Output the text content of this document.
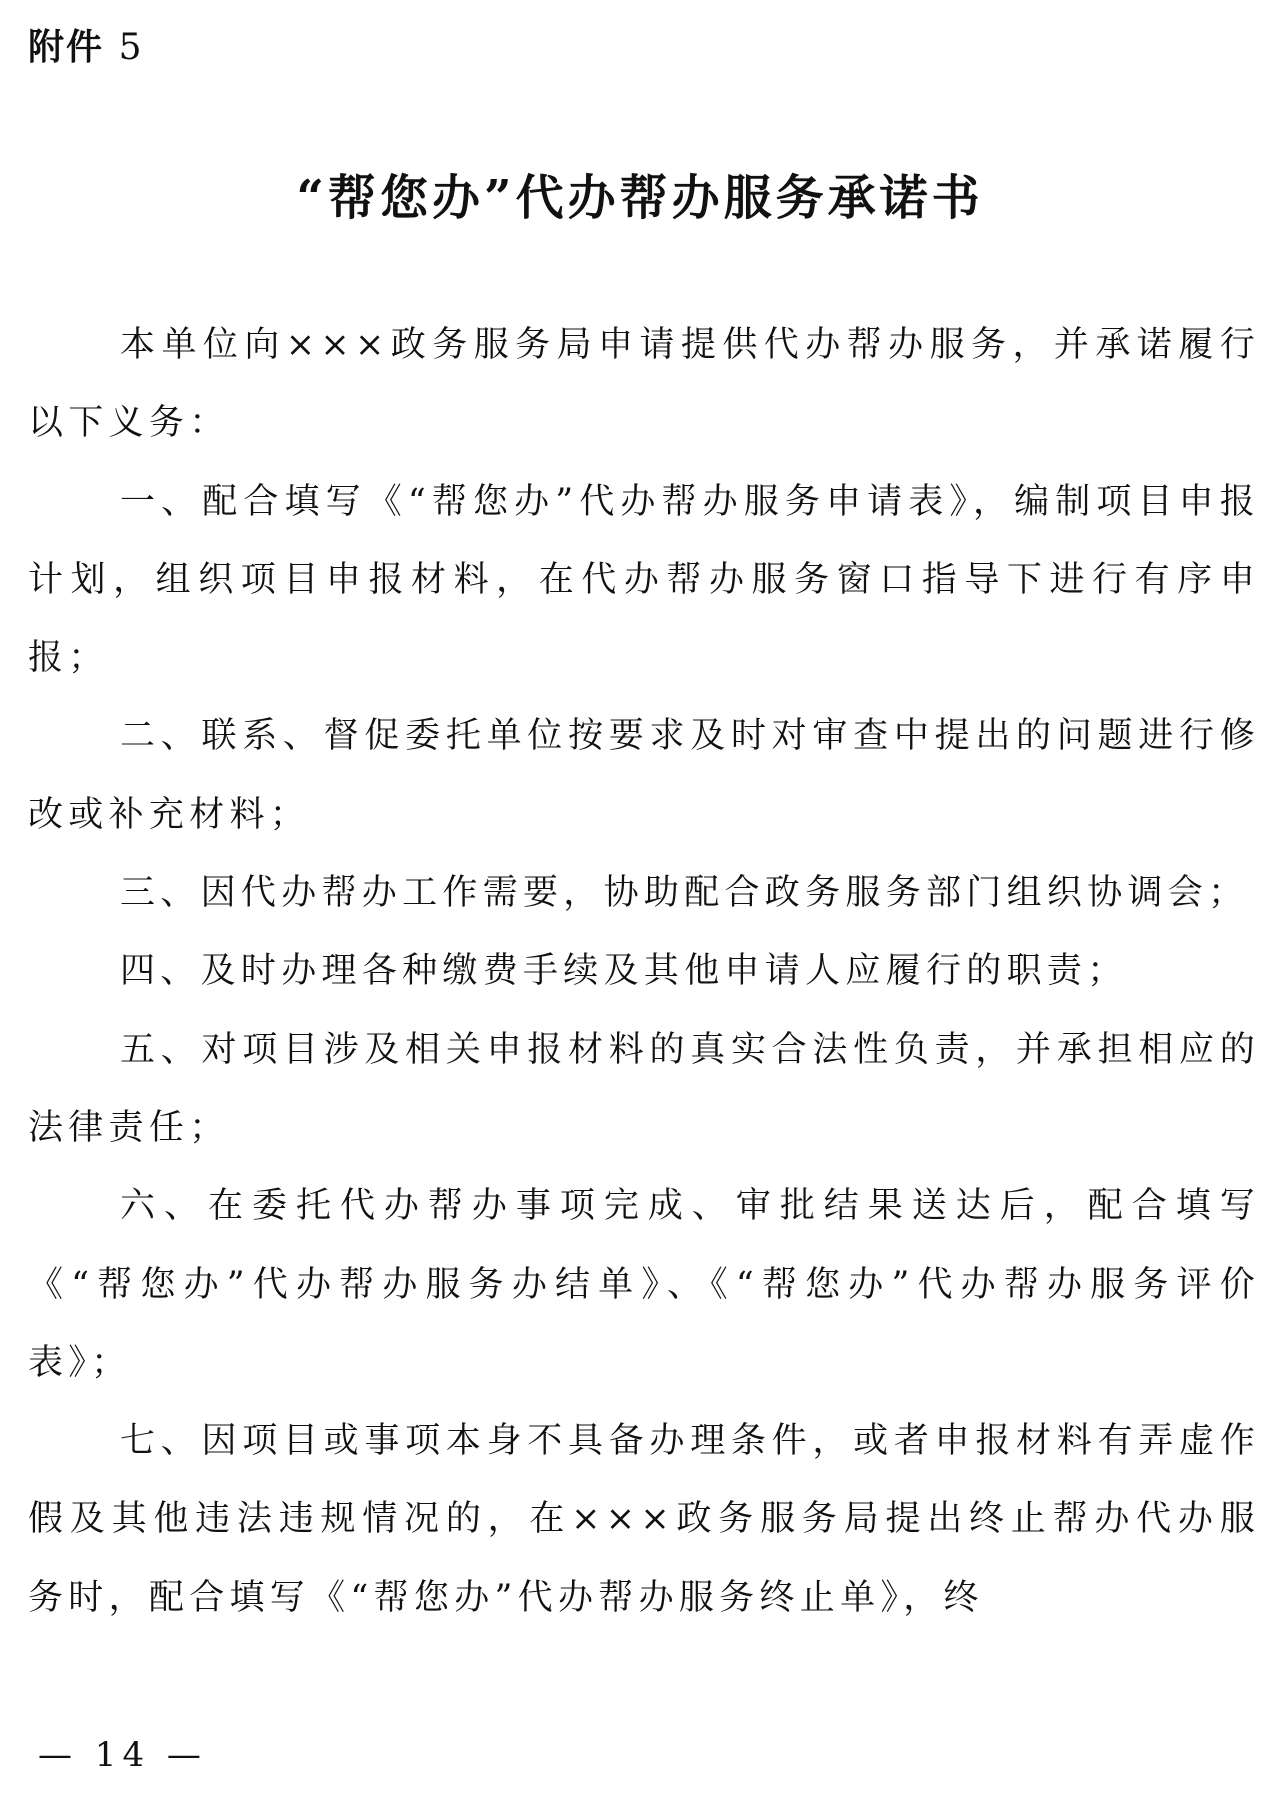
附件 5
“帮您办”代办帮办服务承诺书

本单位向×××政务服务局申请提供代办帮办服务，并承诺履行以下义务：

一、配合填写《“帮您办”代办帮办服务申请表》，编制项目申报计划，组织项目申报材料，在代办帮办服务窗口指导下进行有序申报；

二、联系、督促委托单位按要求及时对审查中提出的问题进行修改或补充材料；

三、因代办帮办工作需要，协助配合政务服务部门组织协调会；

四、及时办理各种缴费手续及其他申请人应履行的职责；

五、对项目涉及相关申报材料的真实合法性负责，并承担相应的法律责任；

六、在委托代办帮办事项完成、审批结果送达后，配合填写《“帮您办”代办帮办服务办结单》、《“帮您办”代办帮办服务评价表》；

七、因项目或事项本身不具备办理条件，或者申报材料有弄虚作假及其他违法违规情况的，在×××政务服务局提出终止帮办代办服务时，配合填写《“帮您办”代办帮办服务终止单》，终

— 14 —
